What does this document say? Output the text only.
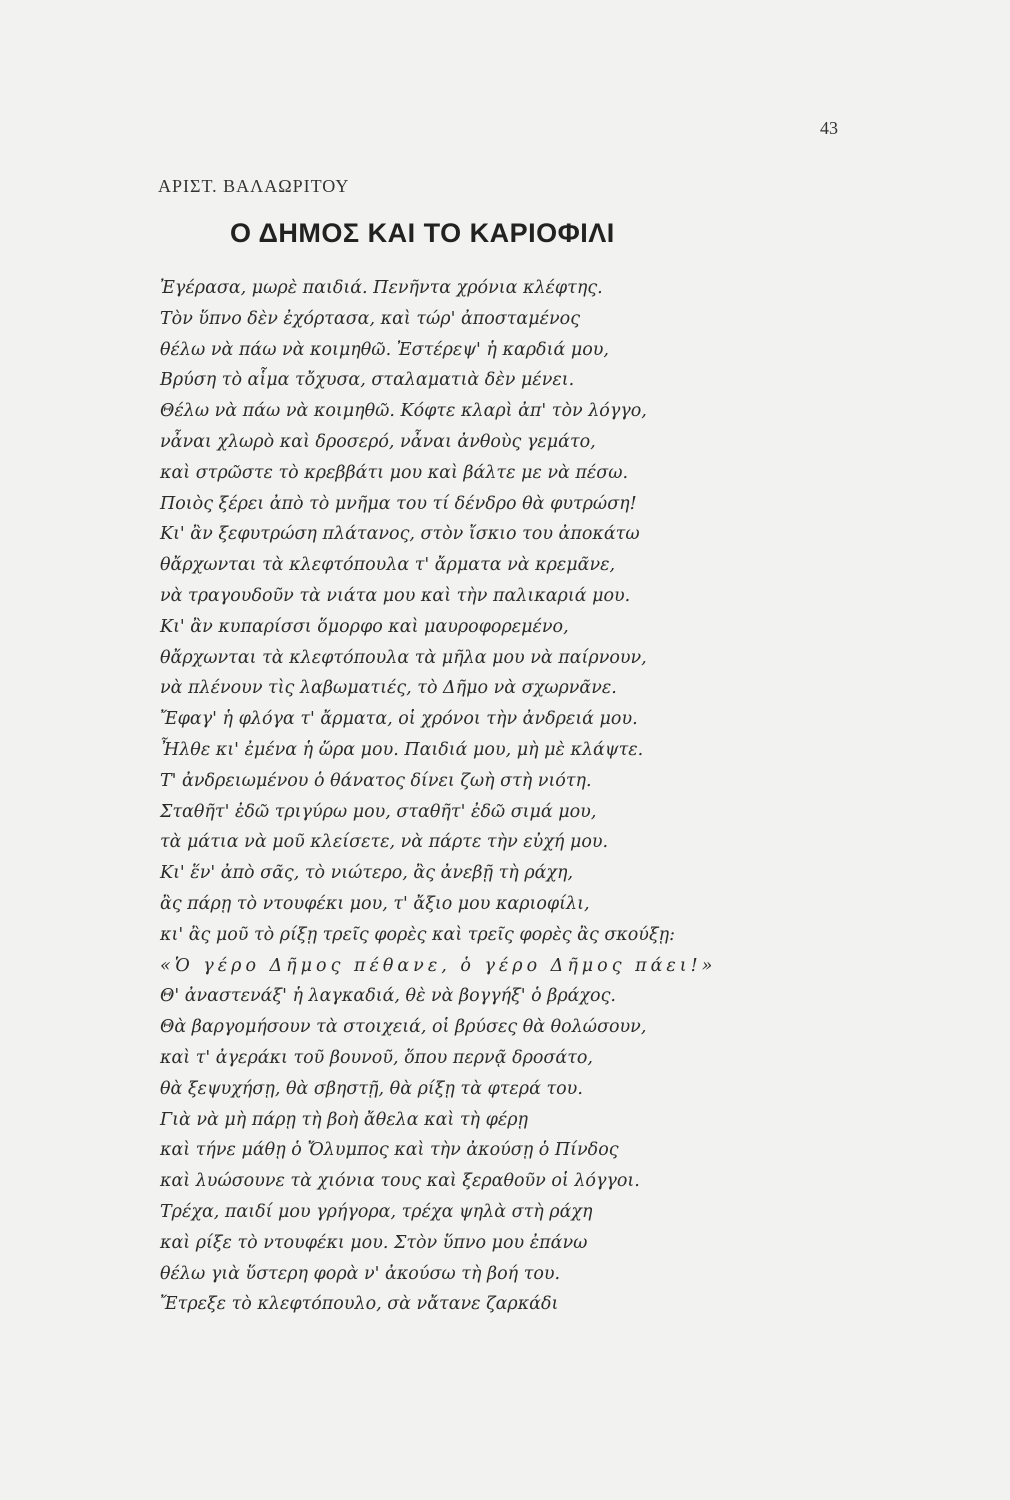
43
ΑΡΙΣΤ. ΒΑΛΑΩΡΙΤΟΥ
Ο ΔΗΜΟΣ ΚΑΙ ΤΟ ΚΑΡΙΟΦΙΛΙ
Ἐγέρασα, μωρὲ παιδιά. Πενῆντα χρόνια κλέφτης.
Τὸν ὕπνο δὲν ἐχόρτασα, καὶ τώρ' ἀποσταμένος
θέλω νὰ πάω νὰ κοιμηθῶ. Ἐστέρεψ' ἡ καρδιά μου,
Βρύση τὸ αἷμα τὄχυσα, σταλαματιὰ δὲν μένει.
Θέλω νὰ πάω νὰ κοιμηθῶ. Κόφτε κλαρὶ ἀπ' τὸν λόγγο,
νἆναι χλωρὸ καὶ δροσερό, νἆναι ἀνθοὺς γεμάτο,
καὶ στρῶστε τὸ κρεββάτι μου καὶ βάλτε με νὰ πέσω.
Ποιὸς ξέρει ἀπὸ τὸ μνῆμα του τί δένδρο θὰ φυτρώση!
Κι' ἂν ξεφυτρώση πλάτανος, στὸν ἴσκιο του ἀποκάτω
θἄρχωνται τὰ κλεφτόπουλα τ' ἄρματα νὰ κρεμᾶνε,
νὰ τραγουδοῦν τὰ νιάτα μου καὶ τὴν παλικαριά μου.
Κι' ἂν κυπαρίσσι ὅμορφο καὶ μαυροφορεμένο,
θἄρχωνται τὰ κλεφτόπουλα τὰ μῆλα μου νὰ παίρνουν,
νὰ πλένουν τὶς λαβωματιές, τὸ Δῆμο νὰ σχωρνᾶνε.
Ἔφαγ' ἡ φλόγα τ' ἄρματα, οἱ χρόνοι τὴν ἀνδρειά μου.
Ἦλθε κι' ἐμένα ἡ ὥρα μου. Παιδιά μου, μὴ μὲ κλάψτε.
Τ' ἀνδρειωμένου ὁ θάνατος δίνει ζωὴ στὴ νιότη.
Σταθῆτ' ἐδῶ τριγύρω μου, σταθῆτ' ἐδῶ σιμά μου,
τὰ μάτια νὰ μοῦ κλείσετε, νὰ πάρτε τὴν εὐχή μου.
Κι' ἕν' ἀπὸ σᾶς, τὸ νιώτερο, ἂς ἀνεβῇ τὴ ράχη,
ἂς πάρῃ τὸ ντουφέκι μου, τ' ἄξιο μου καριοφίλι,
κι' ἂς μοῦ τὸ ρίξῃ τρεῖς φορὲς καὶ τρεῖς φορὲς ἂς σκούξῃ:
«Ὁ γέρο Δῆμος πέθανε, ὁ γέρο Δῆμος πάει!»
Θ' ἀναστενάξ' ἡ λαγκαδιά, θὲ νὰ βογγήξ' ὁ βράχος.
Θὰ βαργομήσουν τὰ στοιχειά, οἱ βρύσες θὰ θολώσουν,
καὶ τ' ἀγεράκι τοῦ βουνοῦ, ὅπου περνᾷ δροσάτο,
θὰ ξεψυχήσῃ, θὰ σβηστῇ, θὰ ρίξῃ τὰ φτερά του.
Γιὰ νὰ μὴ πάρῃ τὴ βοὴ ἄθελα καὶ τὴ φέρῃ
καὶ τήνε μάθῃ ὁ Ὄλυμπος καὶ τὴν ἀκούσῃ ὁ Πίνδος
καὶ λυώσουνε τὰ χιόνια τους καὶ ξεραθοῦν οἱ λόγγοι.
Τρέχα, παιδί μου γρήγορα, τρέχα ψηλὰ στὴ ράχη
καὶ ρίξε τὸ ντουφέκι μου. Στὸν ὕπνο μου ἐπάνω
θέλω γιὰ ὕστερη φορὰ ν' ἀκούσω τὴ βοή του.
Ἔτρεξε τὸ κλεφτόπουλο, σὰ νἄτανε ζαρκάδι
